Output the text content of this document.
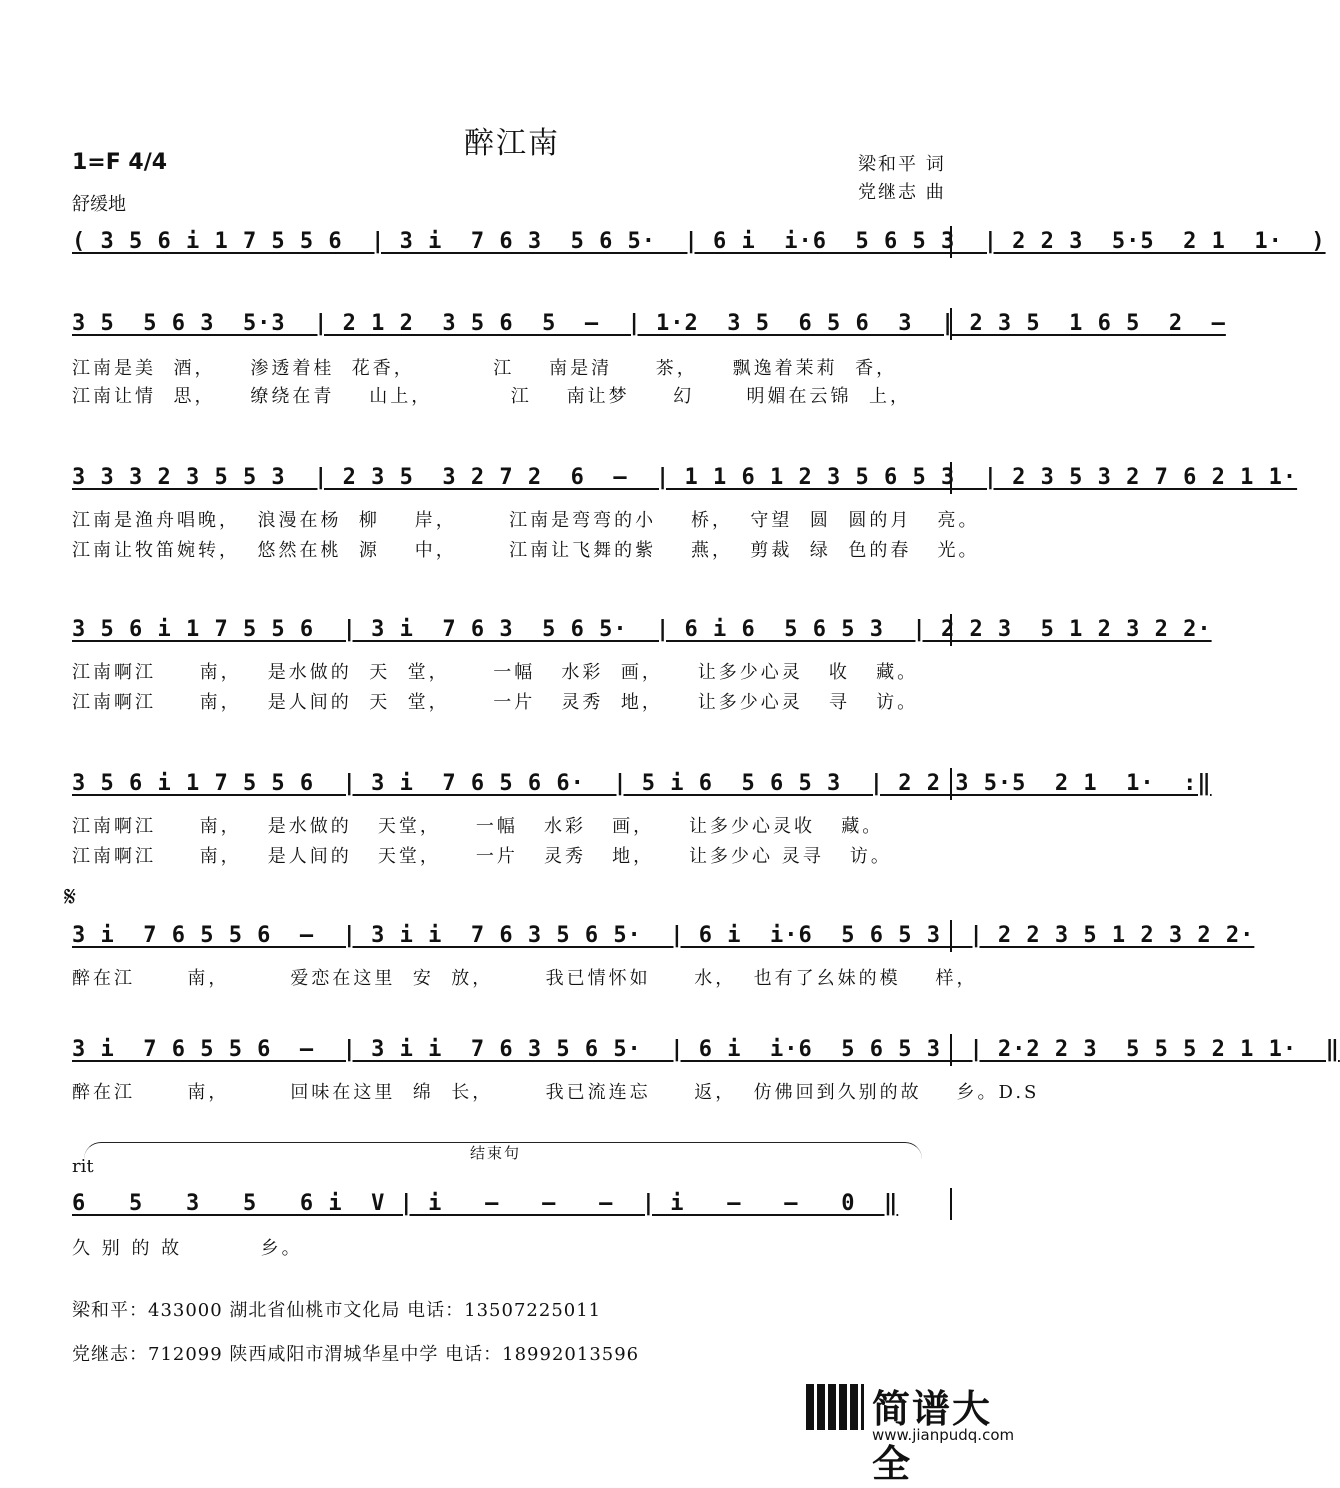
醉江南
1=F 4/4
舒缓地
梁和平 词
党继志 曲
( 3 5 6 i 1 7 5 5 6  | 3 i  7 6 3  5 6 5·  | 6 i  i·6  5 6 5 3  | 2 2 3  5·5  2 1  1·  )
3 5  5 6 3  5·3  | 2 1 2  3 5 6  5  –  | 1·2  3 5  6 5 6  3  | 2 3 5  1 6 5  2  –
江南是美  酒，    渗透着桂  花香，         江    南是清     茶，    飘逸着茉莉  香，
江南让情  思，    缭绕在青    山上，         江    南让梦     幻      明媚在云锦  上，
3 3 3 2 3 5 5 3  | 2 3 5  3 2 7 2  6  –  | 1 1 6 1 2 3 5 6 5 3  | 2 3 5 3 2 7 6 2 1 1·
江南是渔舟唱晚，  浪漫在杨  柳    岸，      江南是弯弯的小    桥，  守望  圆  圆的月   亮。
江南让牧笛婉转，  悠然在桃  源    中，      江南让飞舞的紫    燕，  剪裁  绿  色的春   光。
3 5 6 i 1 7 5 5 6  | 3 i  7 6 3  5 6 5·  | 6 i 6  5 6 5 3  | 2 2 3  5 1 2 3 2 2·
江南啊江     南，   是水做的  天  堂，     一幅   水彩  画，    让多少心灵   收   藏。
江南啊江     南，   是人间的  天  堂，     一片   灵秀  地，    让多少心灵   寻   访。
3 5 6 i 1 7 5 5 6  | 3 i  7 6 5 6 6·  | 5 i 6  5 6 5 3  | 2 2 3 5·5  2 1  1·  :‖
江南啊江     南，   是水做的   天堂，    一幅   水彩   画，    让多少心灵收   藏。
江南啊江     南，   是人间的   天堂，    一片   灵秀   地，    让多少心 灵寻   访。
𝄋
3 i  7 6 5 5 6  –  | 3 i i  7 6 3 5 6 5·  | 6 i  i·6  5 6 5 3  | 2 2 3 5 1 2 3 2 2·
醉在江      南，       爱恋在这里  安  放，      我已情怀如     水，  也有了幺妹的模    样，
3 i  7 6 5 5 6  –  | 3 i i  7 6 3 5 6 5·  | 6 i  i·6  5 6 5 3  | 2·2 2 3  5 5 5 2 1 1·  ‖
醉在江      南，       回味在这里  绵  长，      我已流连忘     返，  仿佛回到久别的故    乡。D.S
结束句
rit
6   5   3   5   6 i  V | i   –   –   –  | i   –   –   0  ‖
久 别 的 故         乡。
梁和平：433000 湖北省仙桃市文化局 电话：13507225011
党继志：712099 陕西咸阳市渭城华星中学 电话：18992013596
简谱大全
www.jianpudq.com
